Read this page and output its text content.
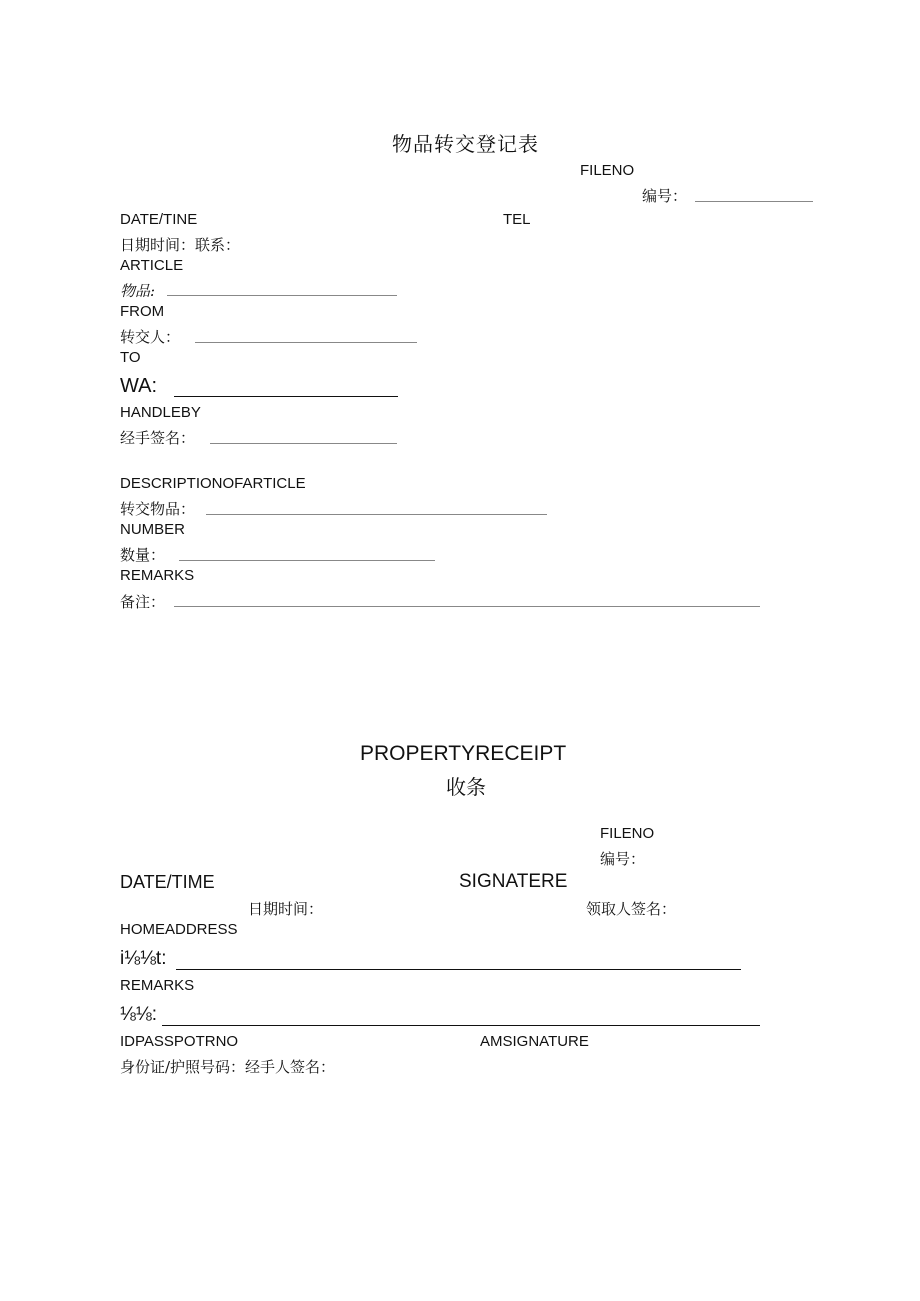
物品转交登记表
FILENO
编号：
DATE/TINE	TEL
日期时间：联系：
ARTICLE
物品:
FROM
转交人：
TO
WA:
HANDLEBY
经手签名：
DESCRIPTIONOFARTICLE
转交物品：
NUMBER
数量：
REMARKS
备注：
PROPERTYRECEIPT
收条
FILENO
编号：
DATE/TIME	SIGNATERE
日期时间：	领取人签名：
HOMEADDRESS
i⅛⅛t:
REMARKS
⅛⅛:
IDPASSPOTRNO	AMSIGNATURE
身份证/护照号码：经手人签名：
